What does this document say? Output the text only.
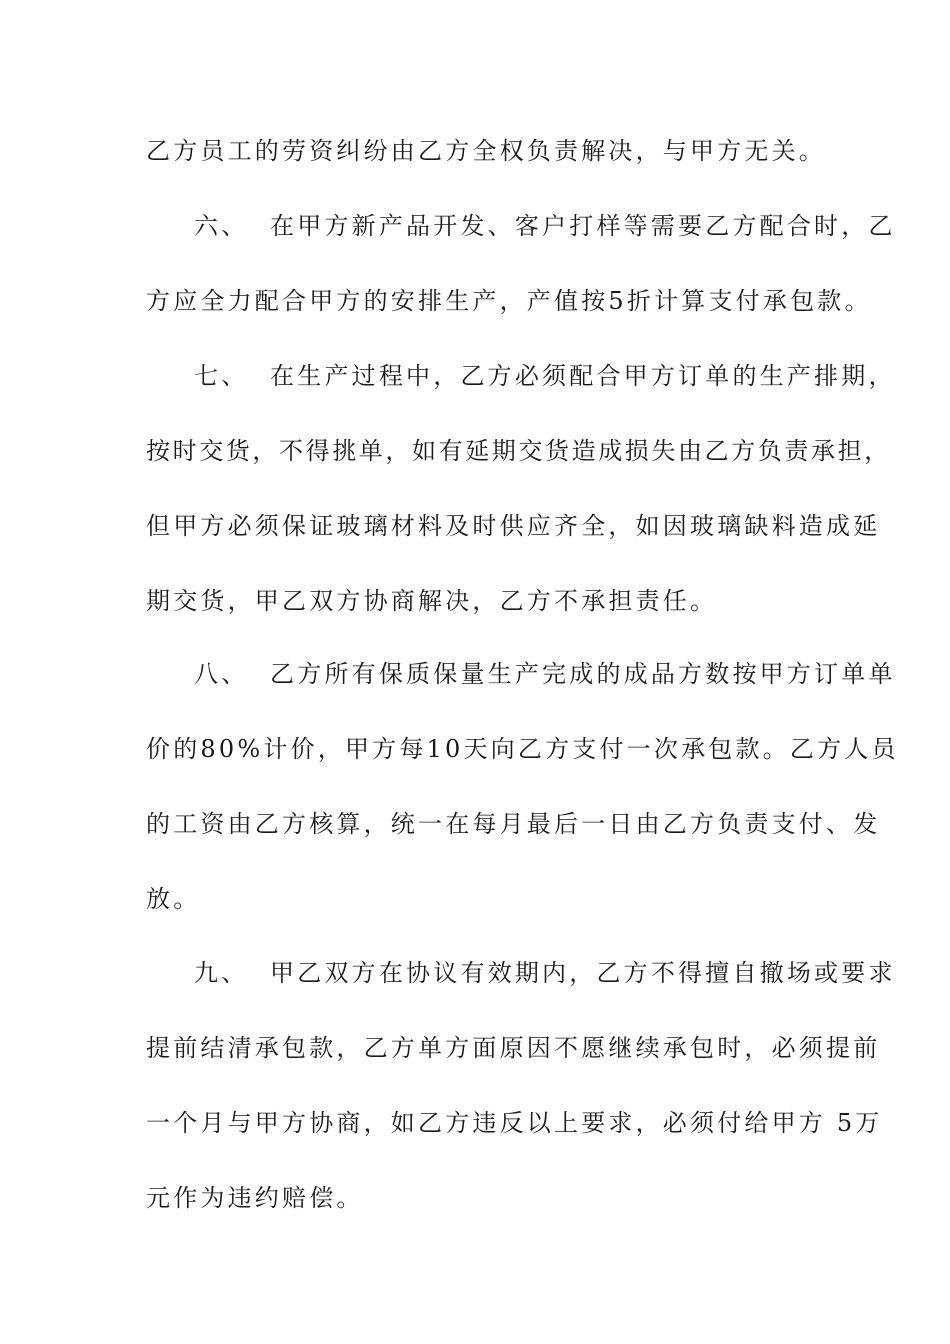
乙方员工的劳资纠纷由乙方全权负责解决，与甲方无关。
六、  在甲方新产品开发、客户打样等需要乙方配合时，乙
方应全力配合甲方的安排生产，产值按5折计算支付承包款。
七、  在生产过程中，乙方必须配合甲方订单的生产排期，
按时交货，不得挑单，如有延期交货造成损失由乙方负责承担，
但甲方必须保证玻璃材料及时供应齐全，如因玻璃缺料造成延
期交货，甲乙双方协商解决，乙方不承担责任。
八、  乙方所有保质保量生产完成的成品方数按甲方订单单
价的80%计价，甲方每10天向乙方支付一次承包款。乙方人员
的工资由乙方核算，统一在每月最后一日由乙方负责支付、发
放。
九、  甲乙双方在协议有效期内，乙方不得擅自撤场或要求
提前结清承包款，乙方单方面原因不愿继续承包时，必须提前
一个月与甲方协商，如乙方违反以上要求，必须付给甲方 5万
元作为违约赔偿。
